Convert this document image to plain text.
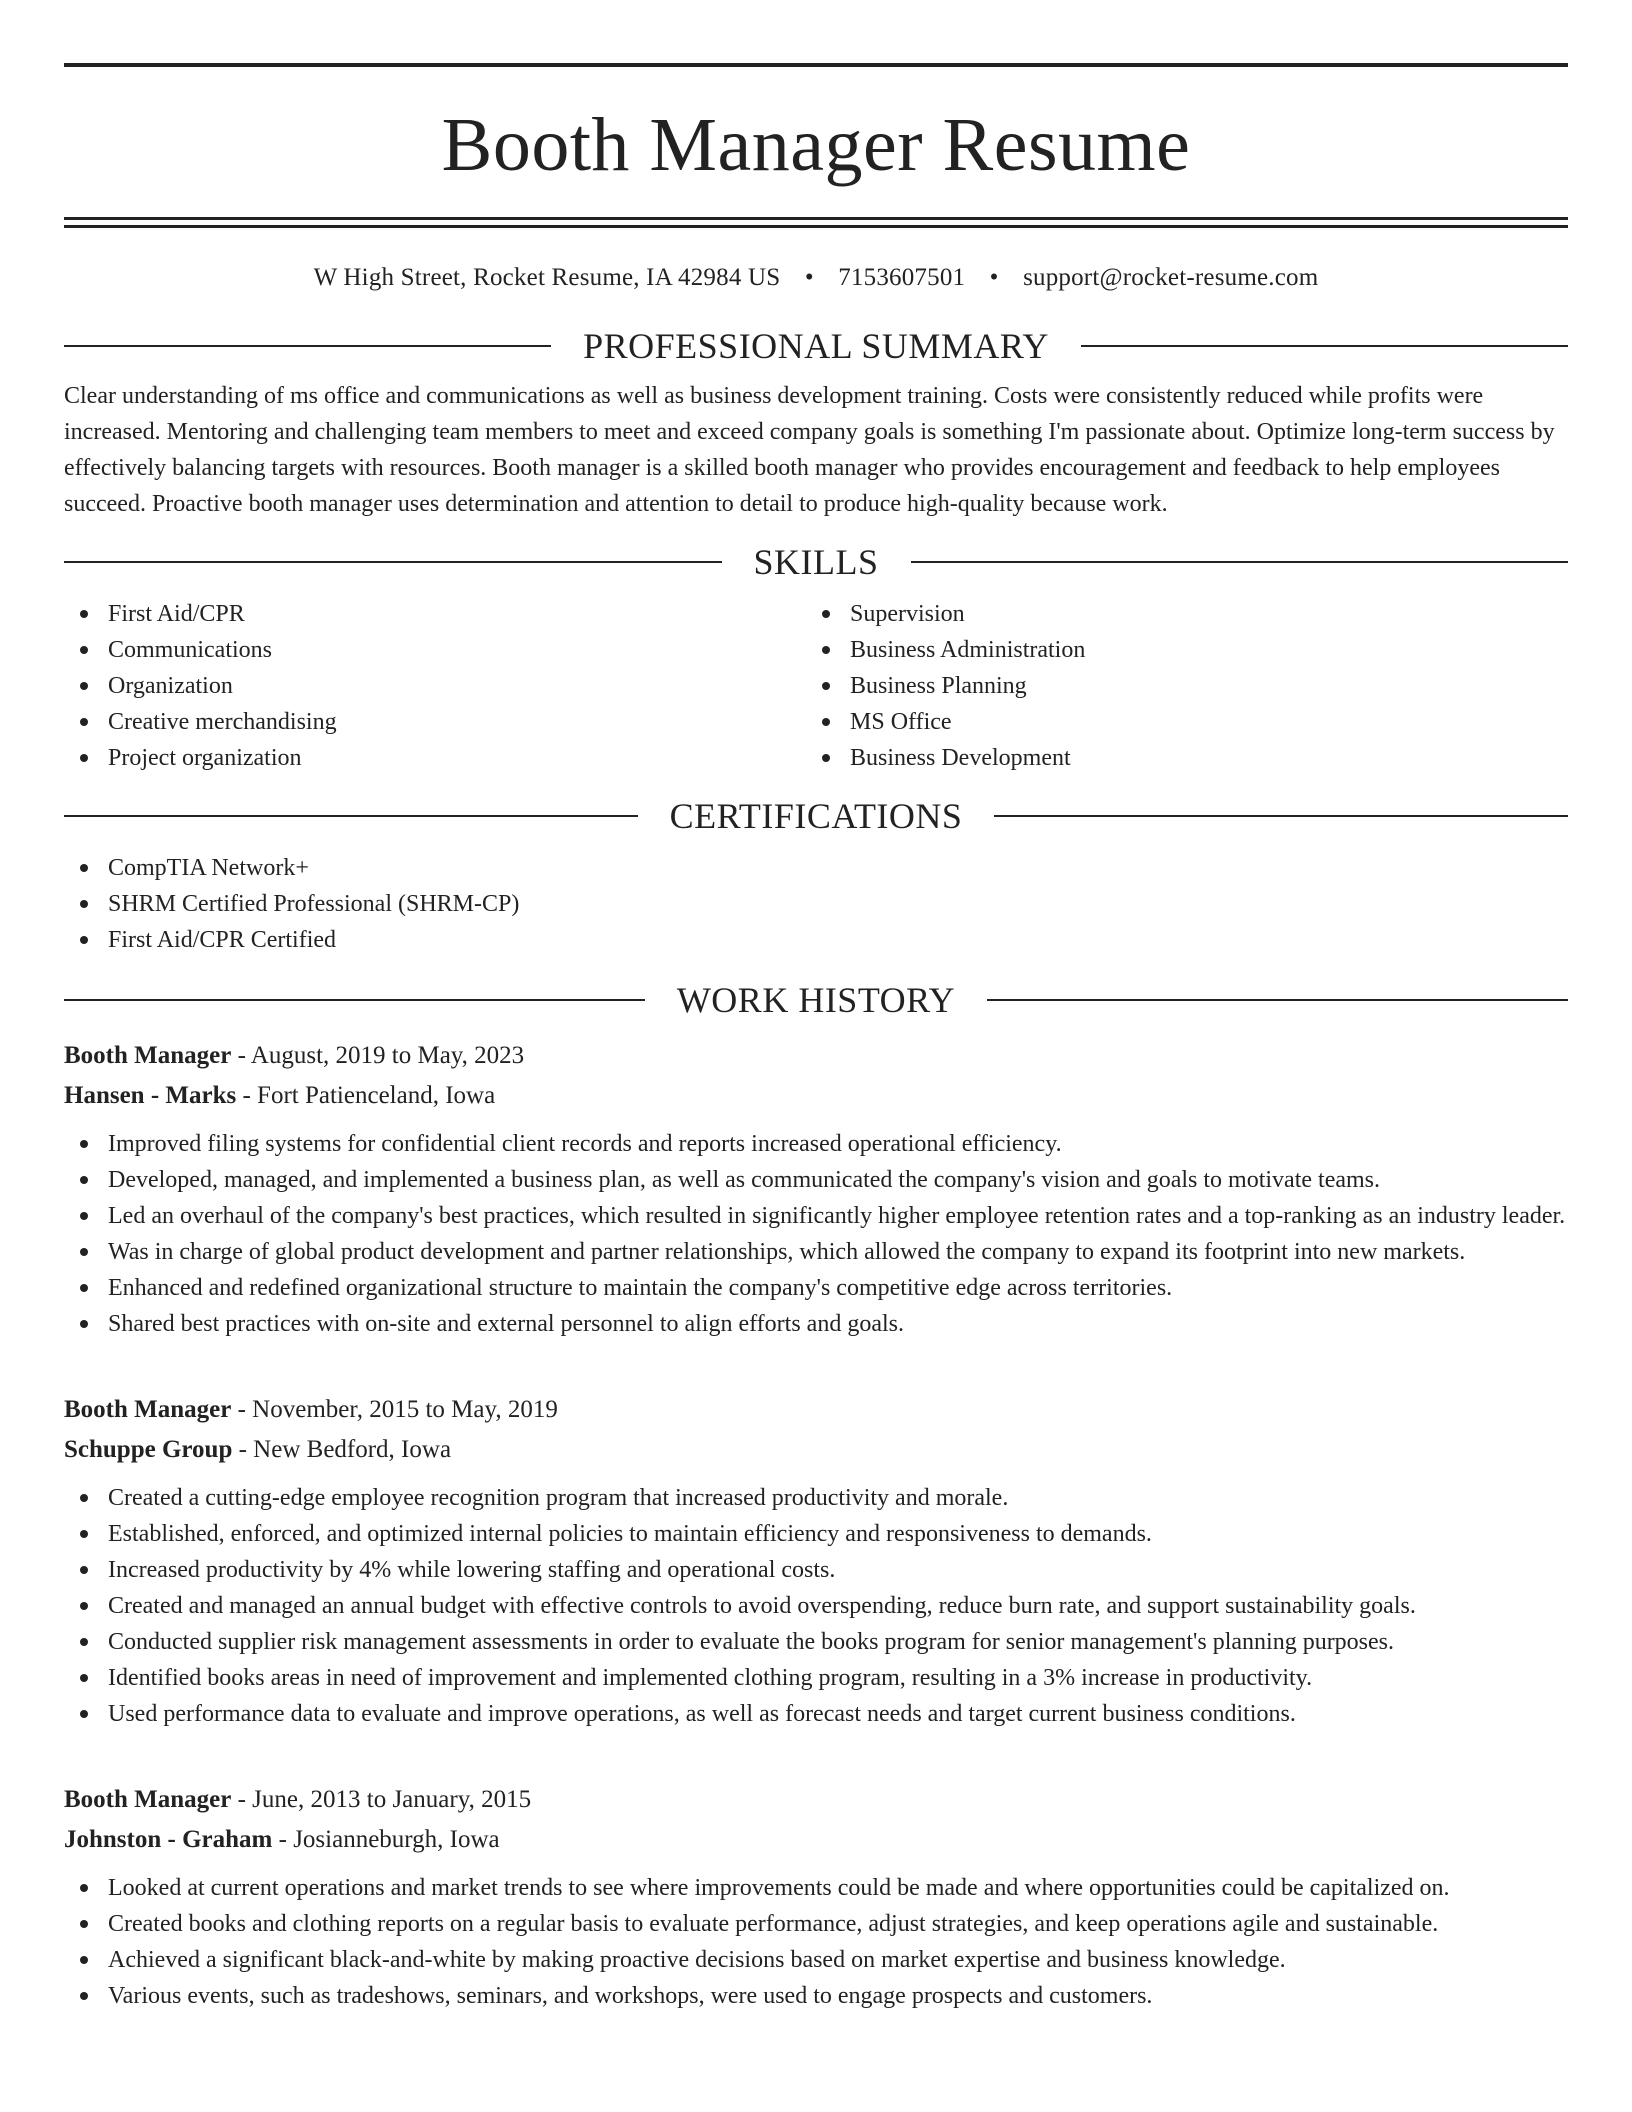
Booth Manager Resume
W High Street, Rocket Resume, IA 42984 US • 7153607501 • support@rocket-resume.com
PROFESSIONAL SUMMARY

Clear understanding of ms office and communications as well as business development training. Costs were consistently reduced while profits were increased. Mentoring and challenging team members to meet and exceed company goals is something I'm passionate about. Optimize long-term success by effectively balancing targets with resources. Booth manager is a skilled booth manager who provides encouragement and feedback to help employees succeed. Proactive booth manager uses determination and attention to detail to produce high-quality because work.

SKILLS
First Aid/CPR
Communications
Organization
Creative merchandising
Project organization
Supervision
Business Administration
Business Planning
MS Office
Business Development
CERTIFICATIONS
CompTIA Network+
SHRM Certified Professional (SHRM-CP)
First Aid/CPR Certified
WORK HISTORY
Booth Manager - August, 2019 to May, 2023
Hansen - Marks - Fort Patienceland, Iowa
Improved filing systems for confidential client records and reports increased operational efficiency.
Developed, managed, and implemented a business plan, as well as communicated the company's vision and goals to motivate teams.
Led an overhaul of the company's best practices, which resulted in significantly higher employee retention rates and a top-ranking as an industry leader.
Was in charge of global product development and partner relationships, which allowed the company to expand its footprint into new markets.
Enhanced and redefined organizational structure to maintain the company's competitive edge across territories.
Shared best practices with on-site and external personnel to align efforts and goals.
Booth Manager - November, 2015 to May, 2019
Schuppe Group - New Bedford, Iowa
Created a cutting-edge employee recognition program that increased productivity and morale.
Established, enforced, and optimized internal policies to maintain efficiency and responsiveness to demands.
Increased productivity by 4% while lowering staffing and operational costs.
Created and managed an annual budget with effective controls to avoid overspending, reduce burn rate, and support sustainability goals.
Conducted supplier risk management assessments in order to evaluate the books program for senior management's planning purposes.
Identified books areas in need of improvement and implemented clothing program, resulting in a 3% increase in productivity.
Used performance data to evaluate and improve operations, as well as forecast needs and target current business conditions.
Booth Manager - June, 2013 to January, 2015
Johnston - Graham - Josianneburgh, Iowa
Looked at current operations and market trends to see where improvements could be made and where opportunities could be capitalized on.
Created books and clothing reports on a regular basis to evaluate performance, adjust strategies, and keep operations agile and sustainable.
Achieved a significant black-and-white by making proactive decisions based on market expertise and business knowledge.
Various events, such as tradeshows, seminars, and workshops, were used to engage prospects and customers.
